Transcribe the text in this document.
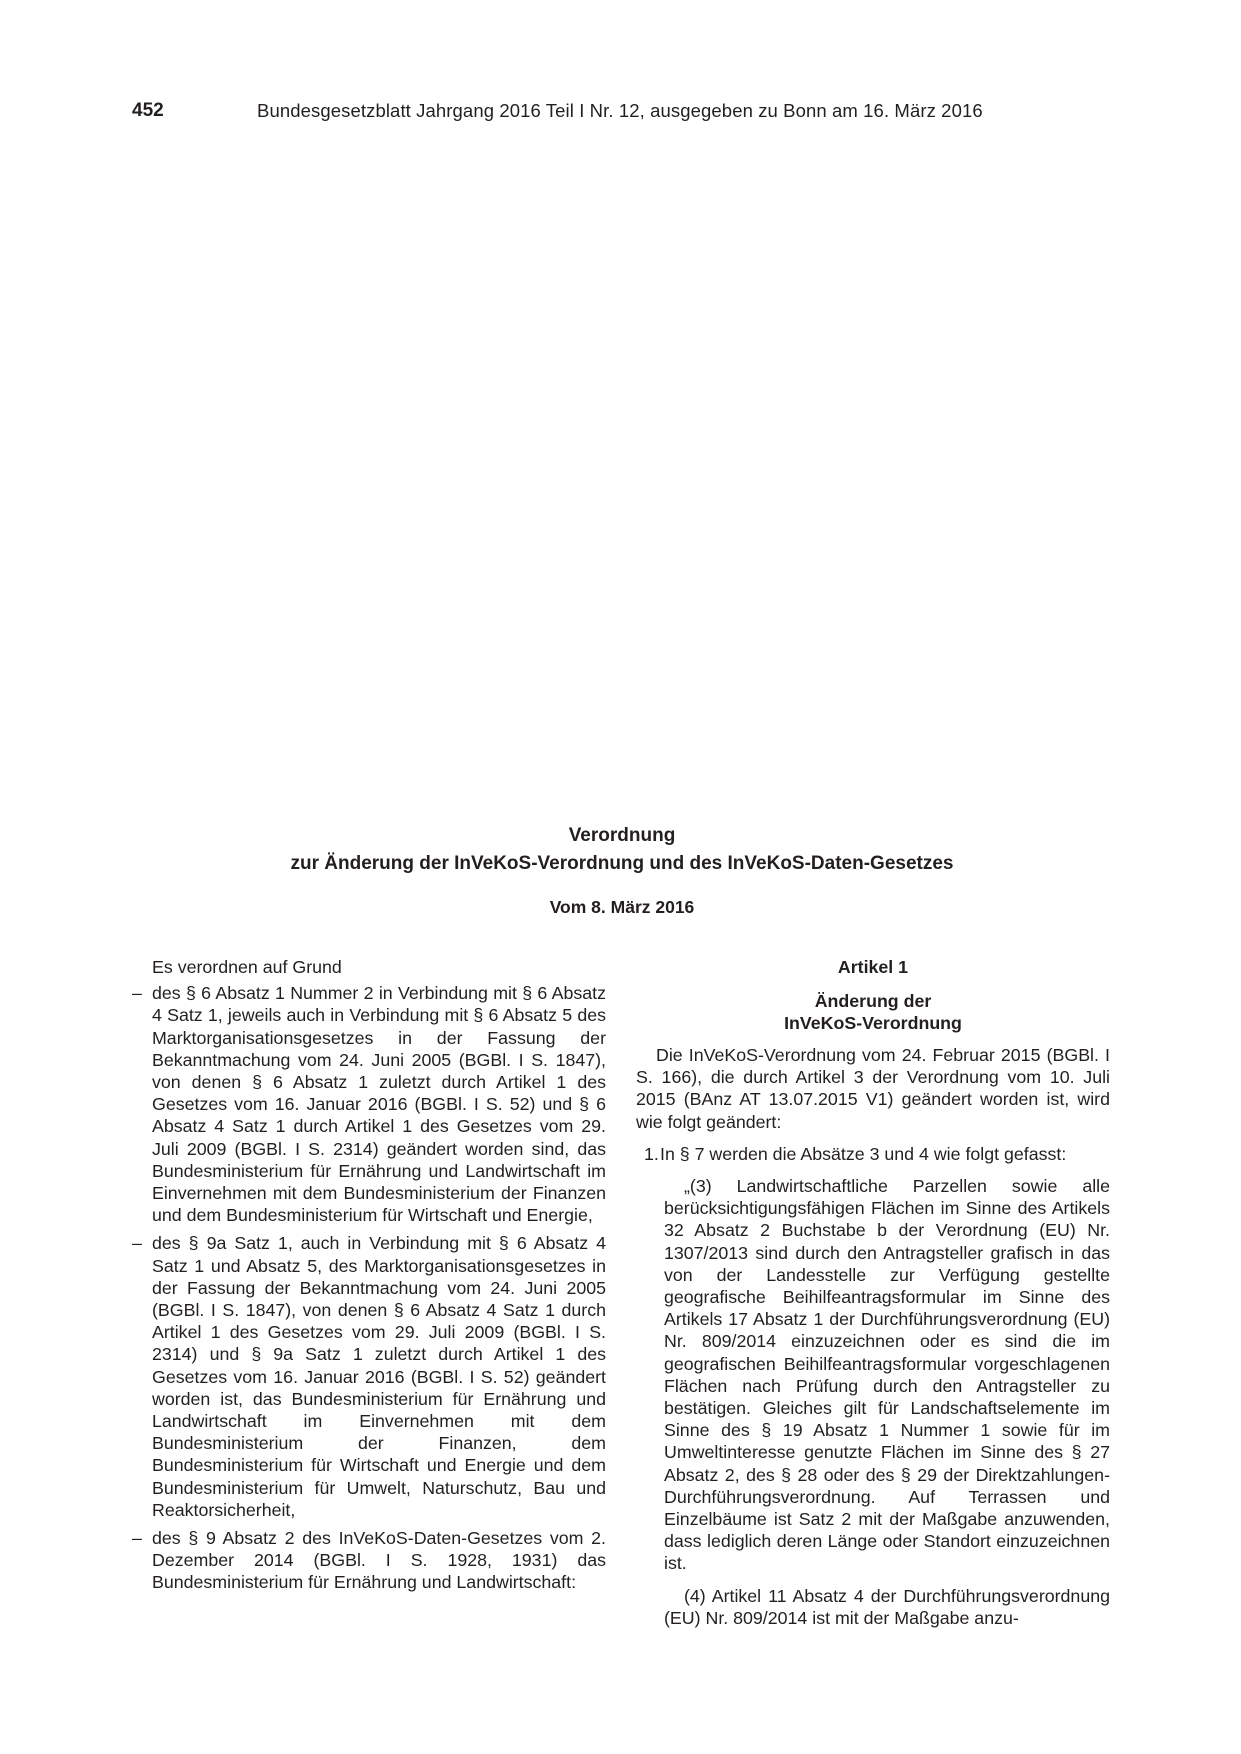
452	Bundesgesetzblatt Jahrgang 2016 Teil I Nr. 12, ausgegeben zu Bonn am 16. März 2016

Verordnung

zur Änderung der InVeKoS-Verordnung und des InVeKoS-Daten-Gesetzes

Vom 8. März 2016

Es verordnen auf Grund

– des § 6 Absatz 1 Nummer 2 in Verbindung mit § 6 Absatz 4 Satz 1, jeweils auch in Verbindung mit § 6 Absatz 5 des Marktorganisationsgesetzes in der Fassung der Bekanntmachung vom 24. Juni 2005 (BGBl. I S. 1847), von denen § 6 Absatz 1 zuletzt durch Artikel 1 des Gesetzes vom 16. Januar 2016 (BGBl. I S. 52) und § 6 Absatz 4 Satz 1 durch Artikel 1 des Gesetzes vom 29. Juli 2009 (BGBl. I S. 2314) geändert worden sind, das Bundesministerium für Ernährung und Landwirtschaft im Einvernehmen mit dem Bundesministerium der Finanzen und dem Bundesministerium für Wirtschaft und Energie,
– des § 9a Satz 1, auch in Verbindung mit § 6 Absatz 4 Satz 1 und Absatz 5, des Marktorganisationsgesetzes in der Fassung der Bekanntmachung vom 24. Juni 2005 (BGBl. I S. 1847), von denen § 6 Absatz 4 Satz 1 durch Artikel 1 des Gesetzes vom 29. Juli 2009 (BGBl. I S. 2314) und § 9a Satz 1 zuletzt durch Artikel 1 des Gesetzes vom 16. Januar 2016 (BGBl. I S. 52) geändert worden ist, das Bundesministerium für Ernährung und Landwirtschaft im Einvernehmen mit dem Bundesministerium der Finanzen, dem Bundesministerium für Wirtschaft und Energie und dem Bundesministerium für Umwelt, Naturschutz, Bau und Reaktorsicherheit,
– des § 9 Absatz 2 des InVeKoS-Daten-Gesetzes vom 2. Dezember 2014 (BGBl. I S. 1928, 1931) das Bundesministerium für Ernährung und Landwirtschaft:

Artikel 1

Änderung der
InVeKoS-Verordnung

Die InVeKoS-Verordnung vom 24. Februar 2015 (BGBl. I S. 166), die durch Artikel 3 der Verordnung vom 10. Juli 2015 (BAnz AT 13.07.2015 V1) geändert worden ist, wird wie folgt geändert:

1. In § 7 werden die Absätze 3 und 4 wie folgt gefasst:

„(3) Landwirtschaftliche Parzellen sowie alle berücksichtigungsfähigen Flächen im Sinne des Artikels 32 Absatz 2 Buchstabe b der Verordnung (EU) Nr. 1307/2013 sind durch den Antragsteller grafisch in das von der Landesstelle zur Verfügung gestellte geografische Beihilfeantragsformular im Sinne des Artikels 17 Absatz 1 der Durchführungsverordnung (EU) Nr. 809/2014 einzuzeichnen oder es sind die im geografischen Beihilfeantragsformular vorgeschlagenen Flächen nach Prüfung durch den Antragsteller zu bestätigen. Gleiches gilt für Landschaftselemente im Sinne des § 19 Absatz 1 Nummer 1 sowie für im Umweltinteresse genutzte Flächen im Sinne des § 27 Absatz 2, des § 28 oder des § 29 der Direktzahlungen-Durchführungsverordnung. Auf Terrassen und Einzelbäume ist Satz 2 mit der Maßgabe anzuwenden, dass lediglich deren Länge oder Standort einzuzeichnen ist.

(4) Artikel 11 Absatz 4 der Durchführungsverordnung (EU) Nr. 809/2014 ist mit der Maßgabe anzu-
